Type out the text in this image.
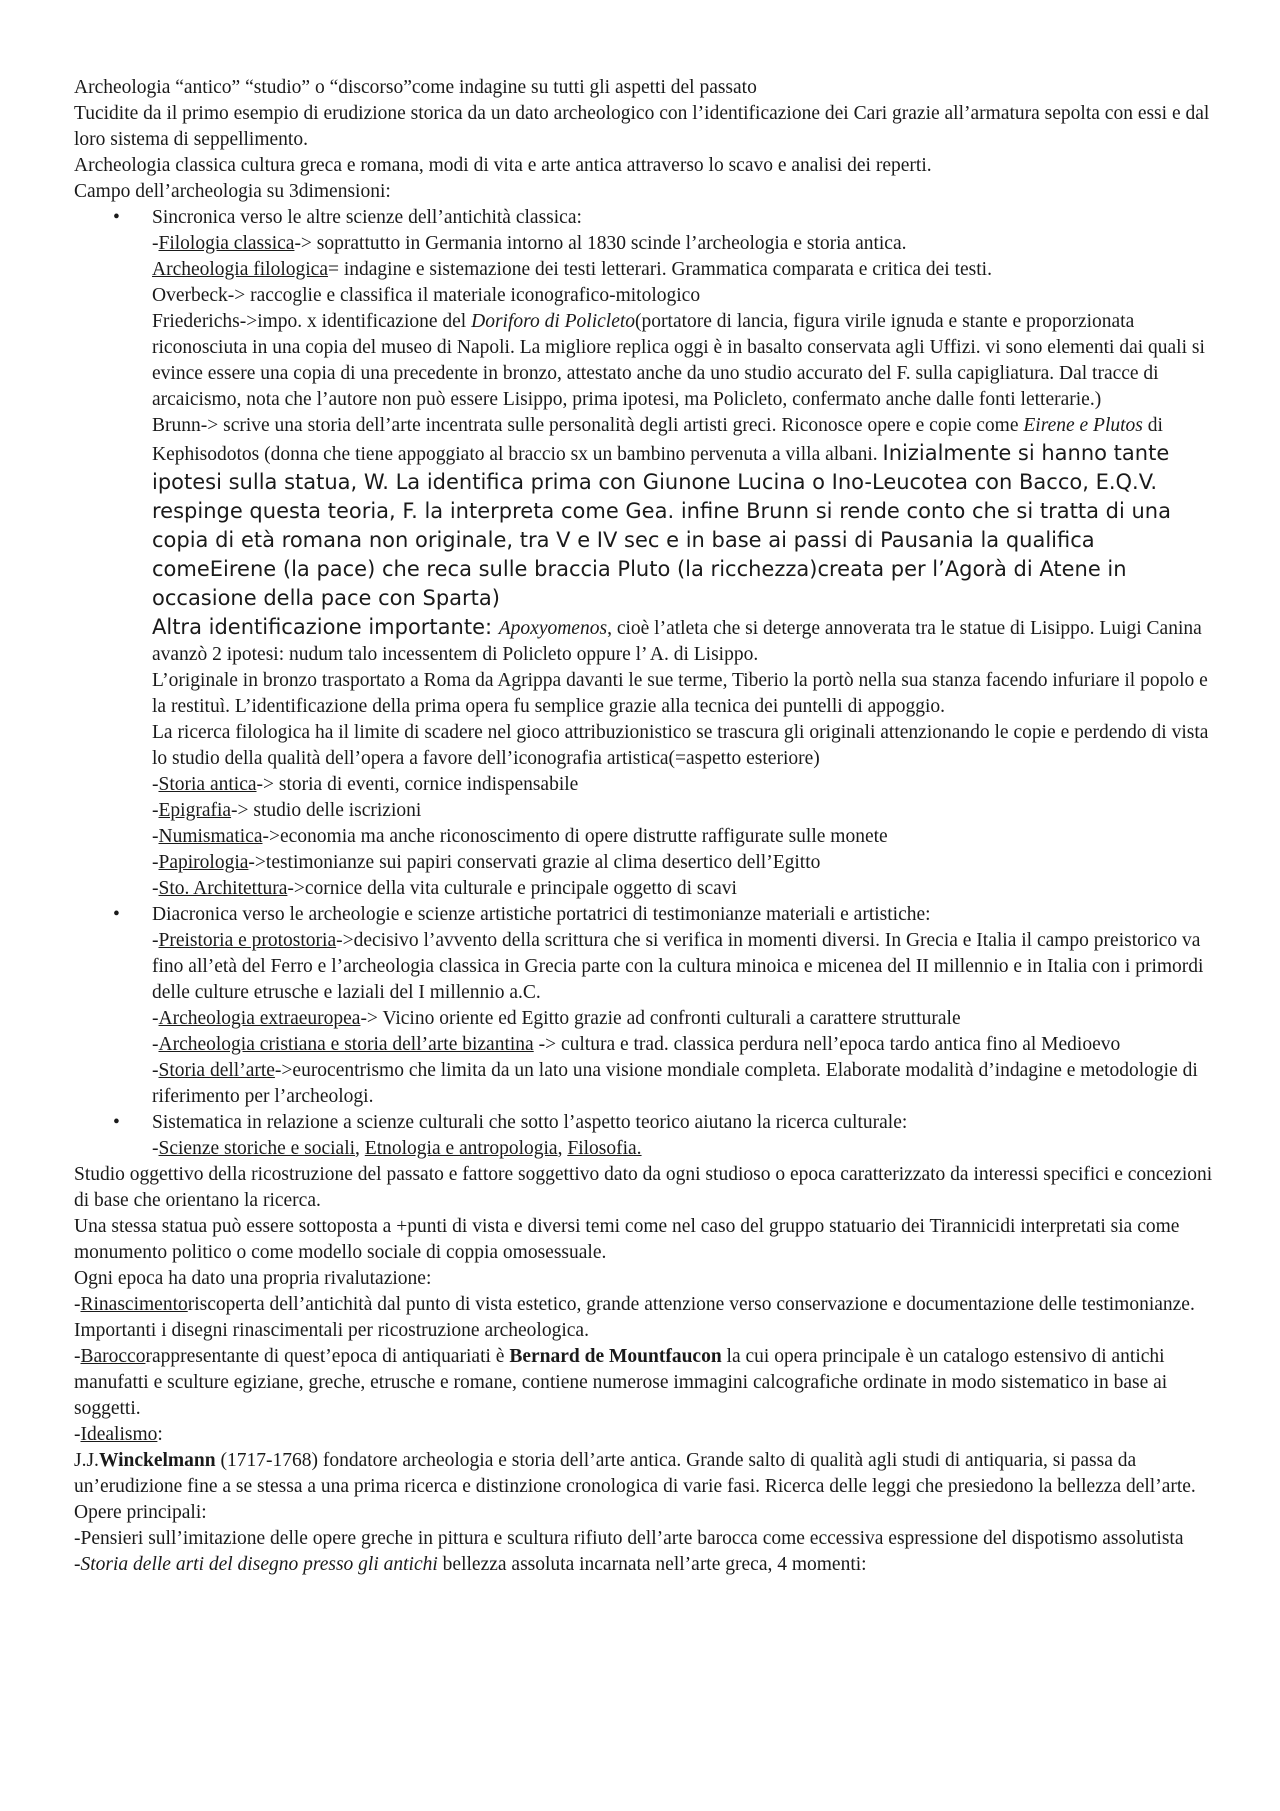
Archeologia “antico” “studio” o “discorso”come indagine su tutti gli aspetti del passato

Tucidite da il primo esempio di erudizione storica da un dato archeologico con l’identificazione dei Cari grazie all’armatura sepolta con essi e dal loro sistema di seppellimento.

Archeologia classica cultura greca e romana, modi di vita e arte antica attraverso lo scavo e analisi dei reperti.

Campo dell’archeologia su 3dimensioni:

• Sincronica verso le altre scienze dell’antichità classica:

-Filologia classica-> soprattutto in Germania intorno al 1830 scinde l’archeologia e storia antica.

Archeologia filologica= indagine e sistemazione dei testi letterari. Grammatica comparata e critica dei testi.

Overbeck-> raccoglie e classifica il materiale iconografico-mitologico

Friederichs->impo. x identificazione del Doriforo di Policleto(portatore di lancia, figura virile ignuda e stante e proporzionata riconosciuta in una copia del museo di Napoli. La migliore replica oggi è in basalto conservata agli Uffizi. vi sono elementi dai quali si evince essere una copia di una precedente in bronzo, attestato anche da uno studio accurato del F. sulla capigliatura. Dal tracce di arcaicismo, nota che l’autore non può essere Lisippo, prima ipotesi, ma Policleto, confermato anche dalle fonti letterarie.)

Brunn-> scrive una storia dell’arte incentrata sulle personalità degli artisti greci. Riconosce opere e copie come Eirene e Plutos di Kephisodotos (donna che tiene appoggiato al braccio sx un bambino pervenuta a villa albani. Inizialmente si hanno tante ipotesi sulla statua, W. La identifica prima con Giunone Lucina o Ino-Leucotea con Bacco, E.Q.V. respinge questa teoria, F. la interpreta come Gea. infine Brunn si rende conto che si tratta di una copia di età romana non originale, tra V e IV sec e in base ai passi di Pausania la qualifica comeEirene (la pace) che reca sulle braccia Pluto (la ricchezza)creata per l’Agorà di Atene in occasione della pace con Sparta)

Altra identificazione importante: Apoxyomenos, cioè l’atleta che si deterge annoverata tra le statue di Lisippo. Luigi Canina avanzò 2 ipotesi: nudum talo incessentem di Policleto oppure l’ A. di Lisippo.

L’originale in bronzo trasportato a Roma da Agrippa davanti le sue terme, Tiberio la portò nella sua stanza facendo infuriare il popolo e la restituì. L’identificazione della prima opera fu semplice grazie alla tecnica dei puntelli di appoggio.

La ricerca filologica ha il limite di scadere nel gioco attribuzionistico se trascura gli originali attenzionando le copie e perdendo di vista lo studio della qualità dell’opera a favore dell’iconografia artistica(=aspetto esteriore)

-Storia antica-> storia di eventi, cornice indispensabile

-Epigrafia-> studio delle iscrizioni

-Numismatica->economia ma anche riconoscimento di opere distrutte raffigurate sulle monete

-Papirologia->testimonianze sui papiri conservati grazie al clima desertico dell’Egitto

-Sto. Architettura->cornice della vita culturale e principale oggetto di scavi

• Diacronica verso le archeologie e scienze artistiche portatrici di testimonianze materiali e artistiche:

-Preistoria e protostoria->decisivo l’avvento della scrittura che si verifica in momenti diversi. In Grecia e Italia il campo preistorico va fino all’età del Ferro e l’archeologia classica in Grecia parte con la cultura minoica e micenea del II millennio e in Italia con i primordi delle culture etrusche e laziali del I millennio a.C.

-Archeologia extraeuropea-> Vicino oriente ed Egitto grazie ad confronti culturali a carattere strutturale

-Archeologia cristiana e storia dell’arte bizantina -> cultura e trad. classica perdura nell’epoca tardo antica fino al Medioevo

-Storia dell’arte->eurocentrismo che limita da un lato una visione mondiale completa. Elaborate modalità d’indagine e metodologie di riferimento per l’archeologi.

• Sistematica in relazione a scienze culturali che sotto l’aspetto teorico aiutano la ricerca culturale:

-Scienze storiche e sociali, Etnologia e antropologia, Filosofia.

Studio oggettivo della ricostruzione del passato e fattore soggettivo dato da ogni studioso o epoca caratterizzato da interessi specifici e concezioni di base che orientano la ricerca.

Una stessa statua può essere sottoposta a +punti di vista e diversi temi come nel caso del gruppo statuario dei Tirannicidi interpretati sia come monumento politico o come modello sociale di coppia omosessuale.

Ogni epoca ha dato una propria rivalutazione:

-Rinascimentoriscoperta dell’antichità dal punto di vista estetico, grande attenzione verso conservazione e documentazione delle testimonianze. Importanti i disegni rinascimentali per ricostruzione archeologica.

-Baroccorappresentante di quest’epoca di antiquariati è Bernard de Mountfaucon la cui opera principale è un catalogo estensivo di antichi manufatti e sculture egiziane, greche, etrusche e romane, contiene numerose immagini calcografiche ordinate in modo sistematico in base ai soggetti.

-Idealismo:

J.J.Winckelmann (1717-1768) fondatore archeologia e storia dell’arte antica. Grande salto di qualità agli studi di antiquaria, si passa da un’erudizione fine a se stessa a una prima ricerca e distinzione cronologica di varie fasi. Ricerca delle leggi che presiedono la bellezza dell’arte. Opere principali:

-Pensieri sull’imitazione delle opere greche in pittura e scultura rifiuto dell’arte barocca come eccessiva espressione del dispotismo assolutista

-Storia delle arti del disegno presso gli antichi bellezza assoluta incarnata nell’arte greca, 4 momenti:
